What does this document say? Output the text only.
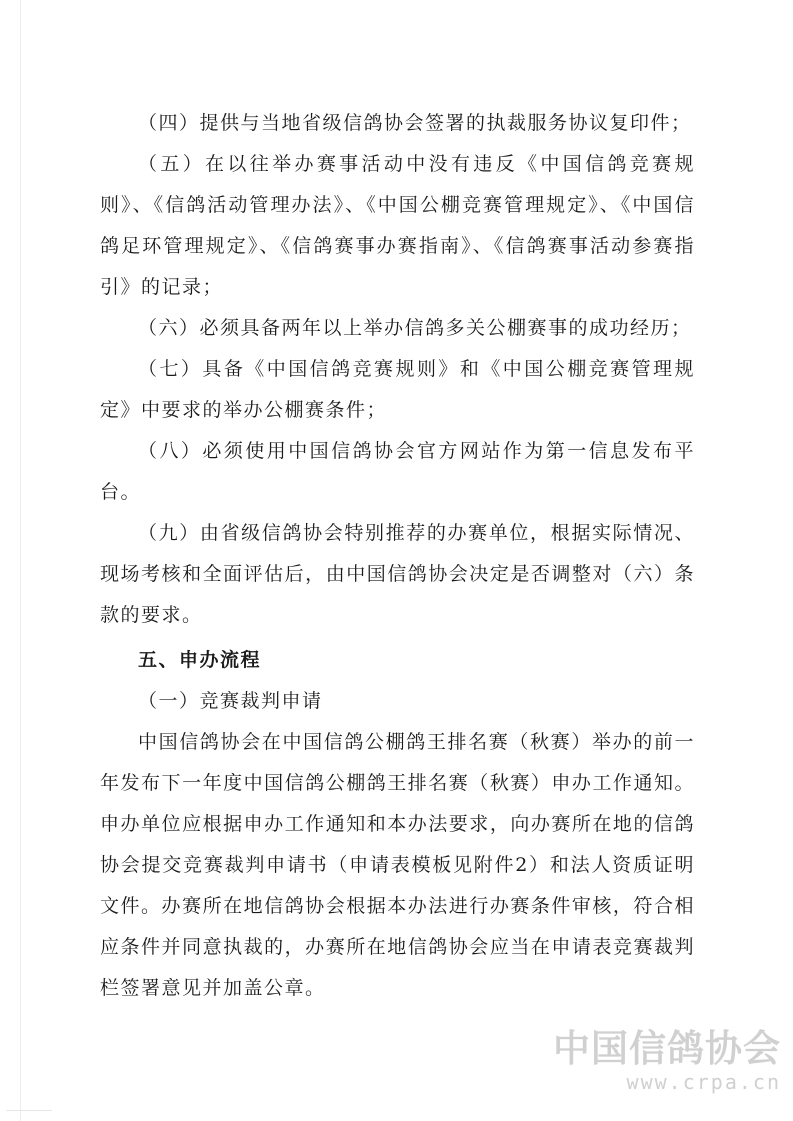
（四）提供与当地省级信鸽协会签署的执裁服务协议复印件；

（五）在以往举办赛事活动中没有违反《中国信鸽竞赛规则》、《信鸽活动管理办法》、《中国公棚竞赛管理规定》、《中国信鸽足环管理规定》、《信鸽赛事办赛指南》、《信鸽赛事活动参赛指引》的记录；

（六）必须具备两年以上举办信鸽多关公棚赛事的成功经历；

（七）具备《中国信鸽竞赛规则》和《中国公棚竞赛管理规定》中要求的举办公棚赛条件；

（八）必须使用中国信鸽协会官方网站作为第一信息发布平台。

（九）由省级信鸽协会特别推荐的办赛单位，根据实际情况、现场考核和全面评估后，由中国信鸽协会决定是否调整对（六）条款的要求。

五、申办流程

（一）竞赛裁判申请

中国信鸽协会在中国信鸽公棚鸽王排名赛（秋赛）举办的前一年发布下一年度中国信鸽公棚鸽王排名赛（秋赛）申办工作通知。申办单位应根据申办工作通知和本办法要求，向办赛所在地的信鸽协会提交竞赛裁判申请书（申请表模板见附件2）和法人资质证明文件。办赛所在地信鸽协会根据本办法进行办赛条件审核，符合相应条件并同意执裁的，办赛所在地信鸽协会应当在申请表竞赛裁判栏签署意见并加盖公章。

中国信鸽协会
www.crpa.cn
